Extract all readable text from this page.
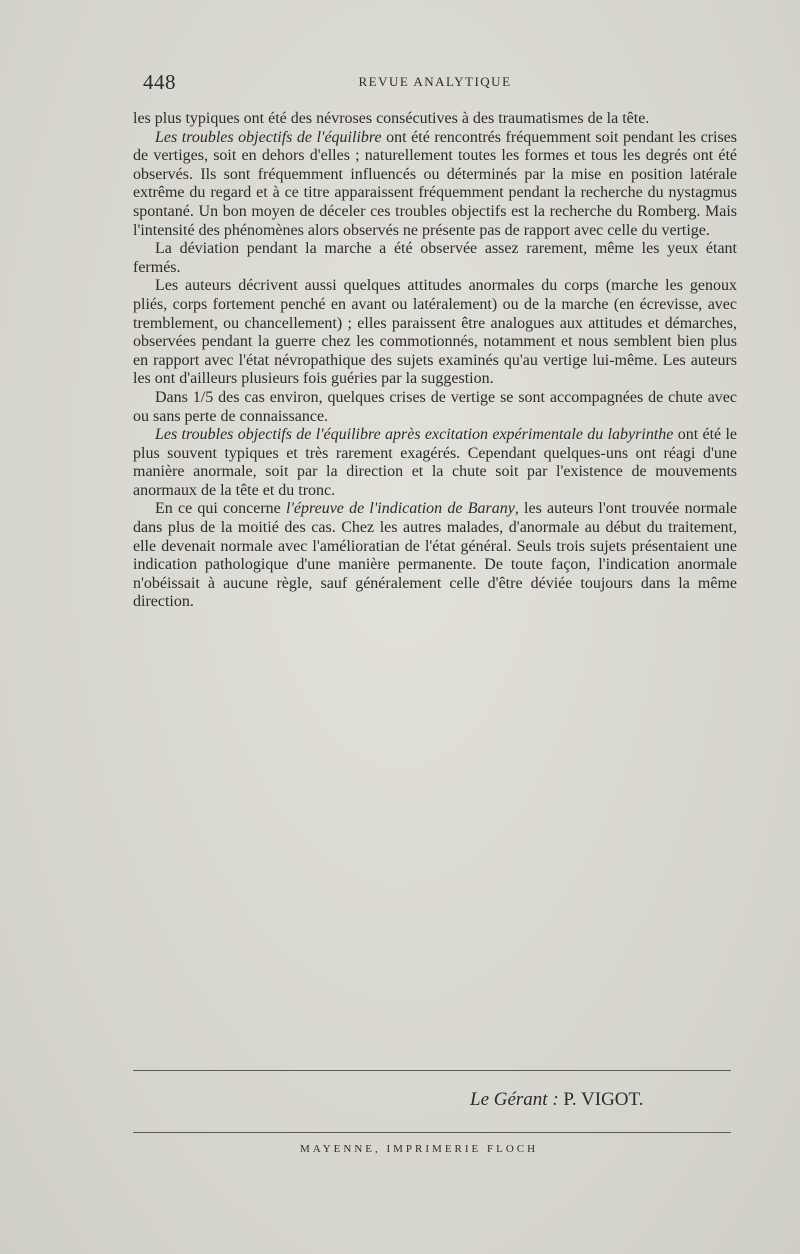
448	REVUE ANALYTIQUE

les plus typiques ont été des névroses consécutives à des traumatismes de la tête.

Les troubles objectifs de l'équilibre ont été rencontrés fréquemment soit pendant les crises de vertiges, soit en dehors d'elles ; naturellement toutes les formes et tous les degrés ont été observés. Ils sont fréquemment influencés ou déterminés par la mise en position latérale extrême du regard et à ce titre apparaissent fréquemment pendant la recherche du nystagmus spontané. Un bon moyen de déceler ces troubles objectifs est la recherche du Romberg. Mais l'intensité des phénomènes alors observés ne présente pas de rapport avec celle du vertige.

La déviation pendant la marche a été observée assez rarement, même les yeux étant fermés.

Les auteurs décrivent aussi quelques attitudes anormales du corps (marche les genoux pliés, corps fortement penché en avant ou latéralement) ou de la marche (en écrevisse, avec tremblement, ou chancellement) ; elles paraissent être analogues aux attitudes et démarches, observées pendant la guerre chez les commotionnés, notamment et nous semblent bien plus en rapport avec l'état névropathique des sujets examinés qu'au vertige lui-même. Les auteurs les ont d'ailleurs plusieurs fois guéries par la suggestion.

Dans 1/5 des cas environ, quelques crises de vertige se sont accompagnées de chute avec ou sans perte de connaissance.

Les troubles objectifs de l'équilibre après excitation expérimentale du labyrinthe ont été le plus souvent typiques et très rarement exagérés. Cependant quelques-uns ont réagi d'une manière anormale, soit par la direction et la chute soit par l'existence de mouvements anormaux de la tête et du tronc.

En ce qui concerne l'épreuve de l'indication de Barany, les auteurs l'ont trouvée normale dans plus de la moitié des cas. Chez les autres malades, d'anormale au début du traitement, elle devenait normale avec l'amélioratian de l'état général. Seuls trois sujets présentaient une indication pathologique d'une manière permanente. De toute façon, l'indication anormale n'obéissait à aucune règle, sauf généralement celle d'être déviée toujours dans la même direction.

Le Gérant : P. VIGOT.
MAYENNE, IMPRIMERIE FLOCH
